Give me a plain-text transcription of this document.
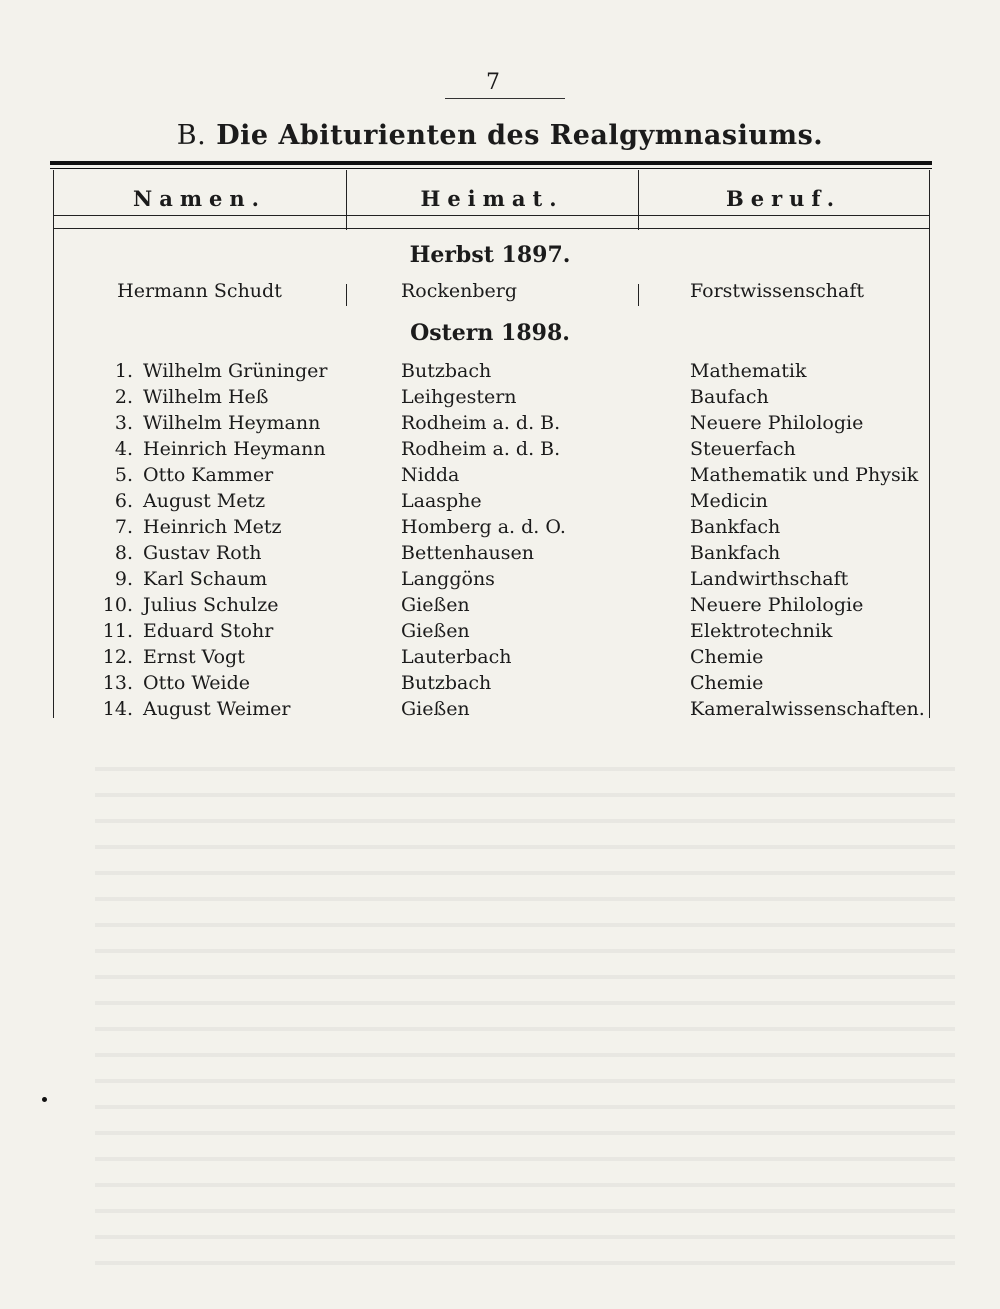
7
B. Die Abiturienten des Realgymnasiums.
Namen.	Heimat.	Beruf.
Herbst 1897.
Hermann Schudt	Rockenberg	Forstwissenschaft
Ostern 1898.
1. Wilhelm Grüninger	Butzbach	Mathematik
2. Wilhelm Heß	Leihgestern	Baufach
3. Wilhelm Heymann	Rodheim a. d. B.	Neuere Philologie
4. Heinrich Heymann	Rodheim a. d. B.	Steuerfach
5. Otto Kammer	Nidda	Mathematik und Physik
6. August Metz	Laasphe	Medicin
7. Heinrich Metz	Homberg a. d. O.	Bankfach
8. Gustav Roth	Bettenhausen	Bankfach
9. Karl Schaum	Langgöns	Landwirthschaft
10. Julius Schulze	Gießen	Neuere Philologie
11. Eduard Stohr	Gießen	Elektrotechnik
12. Ernst Vogt	Lauterbach	Chemie
13. Otto Weide	Butzbach	Chemie
14. August Weimer	Gießen	Kameralwissenschaften.
